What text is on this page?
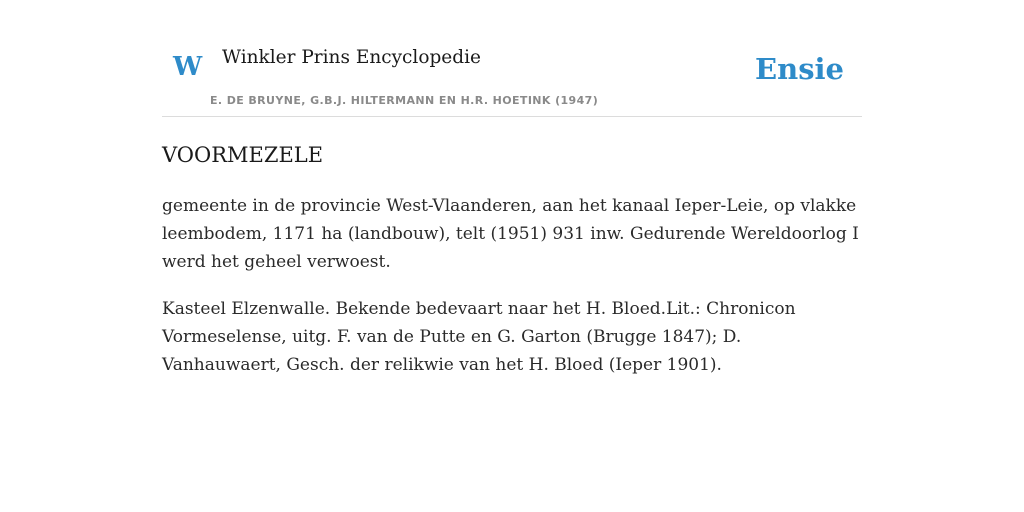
W Winkler Prins Encyclopedie
E. DE BRUYNE, G.B.J. HILTERMANN EN H.R. HOETINK (1947)
Ensie
VOORMEZELE

gemeente in de provincie West-Vlaanderen, aan het kanaal Ieper-Leie, op vlakke leembodem, 1171 ha (landbouw), telt (1951) 931 inw. Gedurende Wereldoorlog I werd het geheel verwoest.

Kasteel Elzenwalle. Bekende bedevaart naar het H. Bloed.Lit.: Chronicon Vormeselense, uitg. F. van de Putte en G. Garton (Brugge 1847); D. Vanhauwaert, Gesch. der relikwie van het H. Bloed (Ieper 1901).
